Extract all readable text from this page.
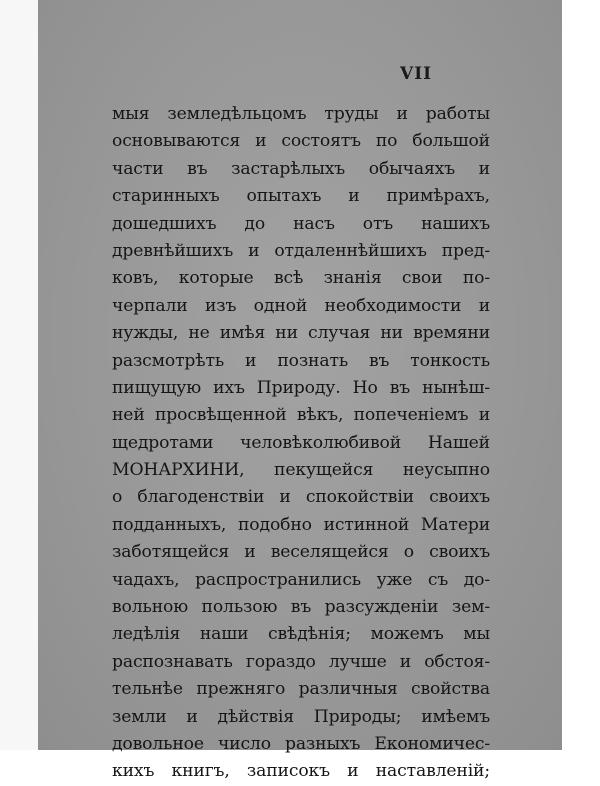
VII
мыя земледѣльцомъ труды и работы
основываются и состоятъ по большой
части въ застарѣлыхъ обычаяхъ и
старинныхъ опытахъ и примѣрахъ,
дошедшихъ до насъ отъ нашихъ
древнѣйшихъ и отдаленнѣйшихъ пред-
ковъ, которые всѣ знанія свои по-
черпали изъ одной необходимости и
нужды, не имѣя ни случая ни времяни
разсмотрѣть и познать въ тонкость
пищущую ихъ Природу. Но въ нынѣш-
ней просвѣщенной вѣкъ, попеченіемъ и
щедротами человѣколюбивой Нашей
МОНАРХИНИ, пекущейся неусыпно
о благоденствіи и спокойствіи своихъ
подданныхъ, подобно истинной Матери
заботящейся и веселящейся о своихъ
чадахъ, распространились уже съ до-
вольною пользою въ разсужденіи зем-
ледѣлія наши свѣдѣнія; можемъ мы
распознавать гораздо лучше и обстоя-
тельнѣе прежняго различныя свойства
земли и дѣйствія Природы; имѣемъ
довольное число разныхъ Економичес-
кихъ книгъ, записокъ и наставленій;
